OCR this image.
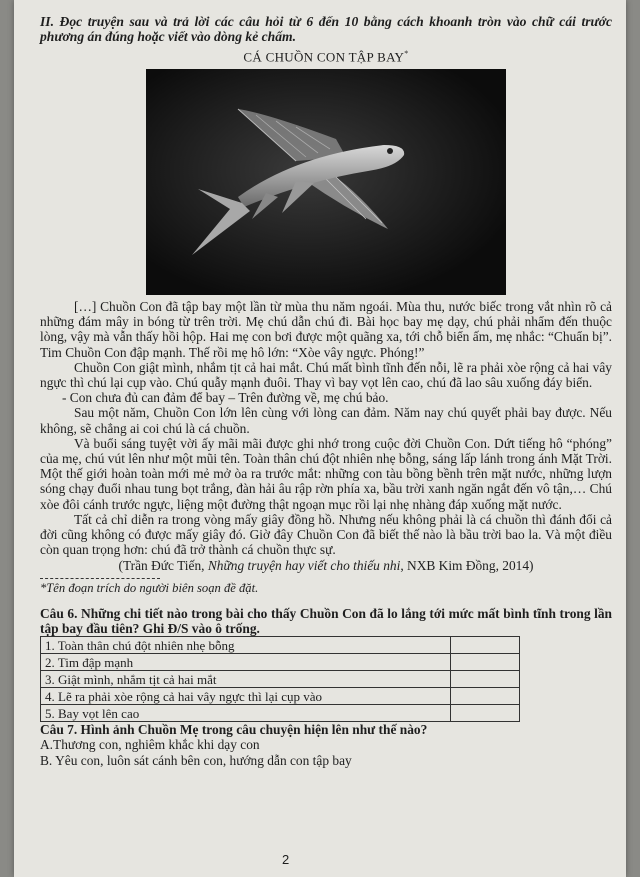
II. Đọc truyện sau và trả lời các câu hỏi từ 6 đến 10 bằng cách khoanh tròn vào chữ cái trước phương án đúng hoặc viết vào dòng kẻ chấm.

CÁ CHUỒN CON TẬP BAY*

[…] Chuồn Con đã tập bay một lần từ mùa thu năm ngoái. Mùa thu, nước biếc trong vắt nhìn rõ cả những đám mây in bóng từ trên trời. Mẹ chú dẫn chú đi. Bài học bay mẹ dạy, chú phải nhẩm đến thuộc lòng, vậy mà vẫn thấy hồi hộp. Hai mẹ con bơi được một quãng xa, tới chỗ biển ấm, mẹ nhắc: “Chuẩn bị”. Tim Chuồn Con đập mạnh. Thế rồi mẹ hô lớn: “Xòe vây ngực. Phóng!”

Chuồn Con giật mình, nhắm tịt cả hai mắt. Chú mất bình tĩnh đến nỗi, lẽ ra phải xòe rộng cả hai vây ngực thì chú lại cụp vào. Chú quẫy mạnh đuôi. Thay vì bay vọt lên cao, chú đã lao sâu xuống đáy biển.

- Con chưa đủ can đảm để bay – Trên đường về, mẹ chú bảo.

Sau một năm, Chuồn Con lớn lên cùng với lòng can đảm. Năm nay chú quyết phải bay được. Nếu không, sẽ chẳng ai coi chú là cá chuồn.

Và buổi sáng tuyệt vời ấy mãi mãi được ghi nhớ trong cuộc đời Chuồn Con. Dứt tiếng hô “phóng” của mẹ, chú vút lên như một mũi tên. Toàn thân chú đột nhiên nhẹ bỗng, sáng lấp lánh trong ánh Mặt Trời. Một thế giới hoàn toàn mới mẻ mở òa ra trước mắt: những con tàu bồng bềnh trên mặt nước, những lượn sóng chạy đuổi nhau tung bọt trắng, đàn hải âu rập rờn phía xa, bầu trời xanh ngăn ngắt đến vô tận,… Chú xòe đôi cánh trước ngực, liệng một đường thật ngoạn mục rồi lại nhẹ nhàng đáp xuống mặt nước.

Tất cả chỉ diễn ra trong vòng mấy giây đồng hồ. Nhưng nếu không phải là cá chuồn thì đánh đổi cả đời cũng không có được mấy giây đó. Giờ đây Chuồn Con đã biết thế nào là bầu trời bao la. Và một điều còn quan trọng hơn: chú đã trở thành cá chuồn thực sự.

(Trần Đức Tiến, Những truyện hay viết cho thiếu nhi, NXB Kim Đồng, 2014)
*Tên đoạn trích do người biên soạn đề đặt.

Câu 6. Những chi tiết nào trong bài cho thấy Chuồn Con đã lo lắng tới mức mất bình tĩnh trong lần tập bay đầu tiên? Ghi Đ/S vào ô trống.

1. Toàn thân chú đột nhiên nhẹ bỗng	
2. Tim đập mạnh	
3. Giật mình, nhắm tịt cả hai mắt	
4. Lẽ ra phải xòe rộng cả hai vây ngực thì lại cụp vào	
5. Bay vọt lên cao	

Câu 7. Hình ảnh Chuồn Mẹ trong câu chuyện hiện lên như thế nào?

A.Thương con, nghiêm khắc khi dạy con

B. Yêu con, luôn sát cánh bên con, hướng dẫn con tập bay

2
